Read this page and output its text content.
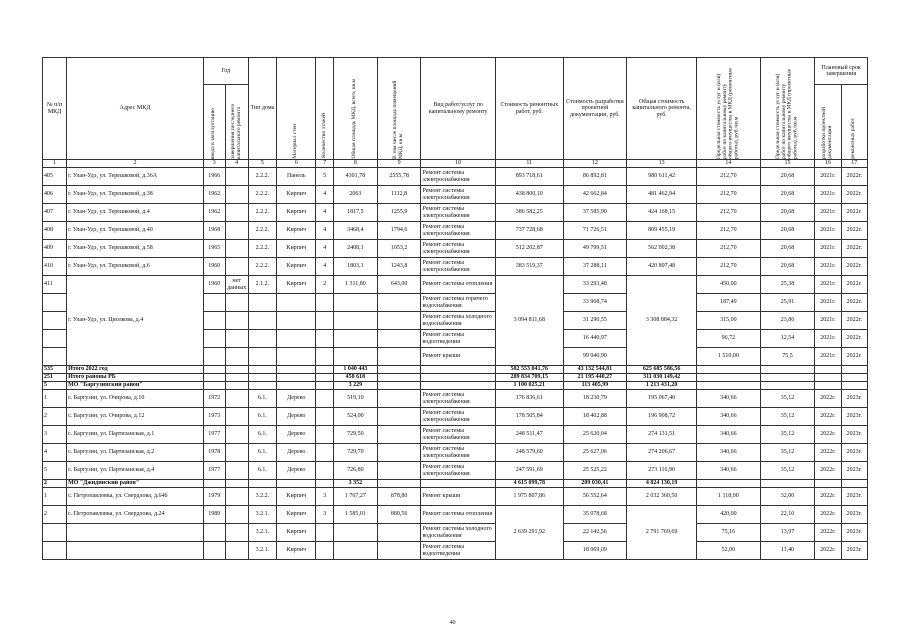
№ п/п МКД	Адрес МКД	Год		Тип дома	Материал стен	Количество этажей	Общая площадь МКД, всего, кв.м	В том числе площадь помещений МКД, кв.м	Вид работ/услуг по капитальному ремонту	Стоимость ремонтных работ, руб.	Стоимость разработки проектной документации, руб.	Общая стоимость капитального ремонта, руб.	Предельная стоимость услуг и (или) работ по капитальному ремонту общего имущества в МКД (ремонтные работы), руб./кв.м	Предельная стоимость услуг и (или) работ по капитальному ремонту общего имущества в МКД (проектные работы), руб./кв.м	Плановый срок завершения	

		ввода в эксплуатацию	завершения последнего капитального ремонта												разработки проектной документации	ремонтных работ

1	2	3	4	5	6	7	8	9	10	11	12	13	14	15	16	17
405	г. Улан-Удэ, ул. Терешковой, д.36А	1966		2.2.2.	Панель	5	4301,78	2555,78	Ремонт системы электроснабжения	893 718,61	86 892,81	980 611,42	212,70	20,68	2021г.	2022г.
406	г. Улан-Удэ, ул. Терешковой, д.38	1962		2.2.2.	Кирпич	4	2063	1112,8	Ремонт системы электроснабжения	438 800,10	42 662,84	481 462,94	212,70	20,68	2021г.	2022г.
407	г. Улан-Удэ, ул. Терешковой, д.4	1962		2.2.2.	Кирпич	4	1817,5	1255,9	Ремонт системы электроснабжения	386 582,25	37 585,90	424 168,15	212,70	20,68	2021г.	2022г.
408	г. Улан-Удэ, ул. Терешковой, д.40	1968		2.2.2.	Кирпич	4	3468,4	1794,6	Ремонт системы электроснабжения	737 728,68	71 726,51	809 455,19	212,70	20,68	2021г.	2022г.
409	г. Улан-Удэ, ул. Терешковой, д.58	1965		2.2.2.	Кирпич	4	2408,1	1053,2	Ремонт системы электроснабжения	512 202,87	49 799,51	562 002,38	212,70	20,68	2021г.	2022г.
410	г. Улан-Удэ, ул. Терешковой, д.6	1960		2.2.2.	Кирпич	4	1803,1	1243,8	Ремонт системы электроснабжения	383 519,37	37 288,11	420 807,48	212,70	20,68	2021г.	2022г.
411	г. Улан-Удэ, ул. Циолкова, д.4	1960	нет данных	2.1.2.	Кирпич	2	1 311,80	643,00	Ремонт системы отопления	3 094 811,68	33 293,48	3 308 884,32	450,00	25,38	2021г.	2022г.
									Ремонт системы горячего водоснабжения		33 968,74		187,49	25,91	2021г.	2022г.
									Ремонт системы холодного водоснабжения		31 290,55		315,00	23,86	2021г.	2022г.
									Ремонт системы водоотведения		16 440,97		96,72	12,54	2021г.	2022г.
									Ремонт крыши		99 040,90		1 510,00	75,5	2021г.	2022г.
535	Итого 2022 год						1 040 443			582 553 041,76	43 132 544,81	625 685 586,56				
251	Итого районы РБ						458 618			289 834 709,15	21 195 440,27	311 030 149,42				
5	МО "Баргузинский район"						3 229			1 100 025,21	113 405,99	1 213 431,20				
1	с. Баргузин, ул. Очирова, д.10	1972		6.1.	Дерево		519,10		Ремонт системы электроснабжения	176 836,61	18 230,79	195 067,40	340,66	35,12	2022г.	2023г.
2	с. Баргузин, ул. Очирова, д.12	1973		6.1.	Дерево		524,00		Ремонт системы электроснабжения	178 505,84	18 402,88	196 908,72	340,66	35,12	2022г.	2023г.
3	с. Баргузин, ул. Партизанская, д.1	1977		6.1.	Дерево		729,50		Ремонт системы электроснабжения	248 511,47	25 620,04	274 131,51	340,66	35,12	2022г.	2023г.
4	с. Баргузин, ул. Партизанская, д.2	1978		6.1.	Дерево		729,70		Ремонт системы электроснабжения	248 579,60	25 627,06	274 206,67	340,66	35,12	2022г.	2023г.
5	с. Баргузин, ул. Партизанская, д.4	1977		6.1.	Дерево		726,80		Ремонт системы электроснабжения	247 591,69	25 525,22	273 116,90	340,66	35,12	2022г.	2023г.
2	МО "Джидинский район"						3 352			4 615 099,78	209 030,41	4 824 130,19				
1	с. Петропавловка, ул. Свердлова, д.64б	1979		3.2.2.	Кирпич	3	1 767,27	878,80	Ремонт крыши	1 975 807,86	56 552,64	2 032 360,50	1 118,00	32,00	2022г.	2023г.
2	с. Петропавловка, ул. Свердлова, д.24	1989		3.2.1.	Кирпич	3	1 585,01	880,56	Ремонт системы отопления	2 639 291,92	35 078,68	2 791 769,69	420,00	22,10	2022г.	2023г.
				3.2.1.	Кирпич				Ремонт системы холодного водоснабжения		22 142,56		75,16	13,97	2022г.	2023г.
				3.2.1.	Кирпич				Ремонт системы водоотведения		18 069,09		52,00	11,40	2022г.	2023г.
40
